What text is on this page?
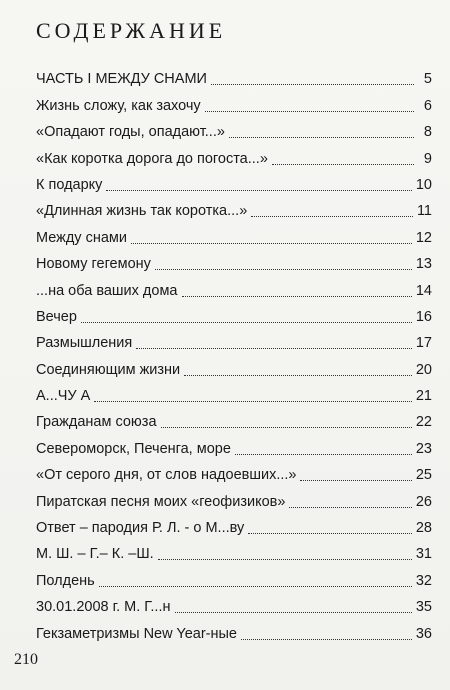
СОДЕРЖАНИЕ
ЧАСТЬ I МЕЖДУ СНАМИ	5
Жизнь сложу, как захочу	6
«Опадают годы, опадают...»	8
«Как коротка дорога до погоста...»	9
К подарку	10
«Длинная жизнь так коротка...»	11
Между снами	12
Новому гегемону	13
...на оба ваших дома	14
Вечер	16
Размышления	17
Соединяющим жизни	20
А...ЧУ А	21
Гражданам союза	22
Североморск, Печенга, море	23
«От серого дня, от слов надоевших...»	25
Пиратская песня моих «геофизиков»	26
Ответ – пародия Р. Л. - о М...ву	28
М. Ш. – Г.– К. –Ш.	31
Полдень	32
30.01.2008 г. М. Г...н	35
Гекзаметризмы New Year-ные	36
210
